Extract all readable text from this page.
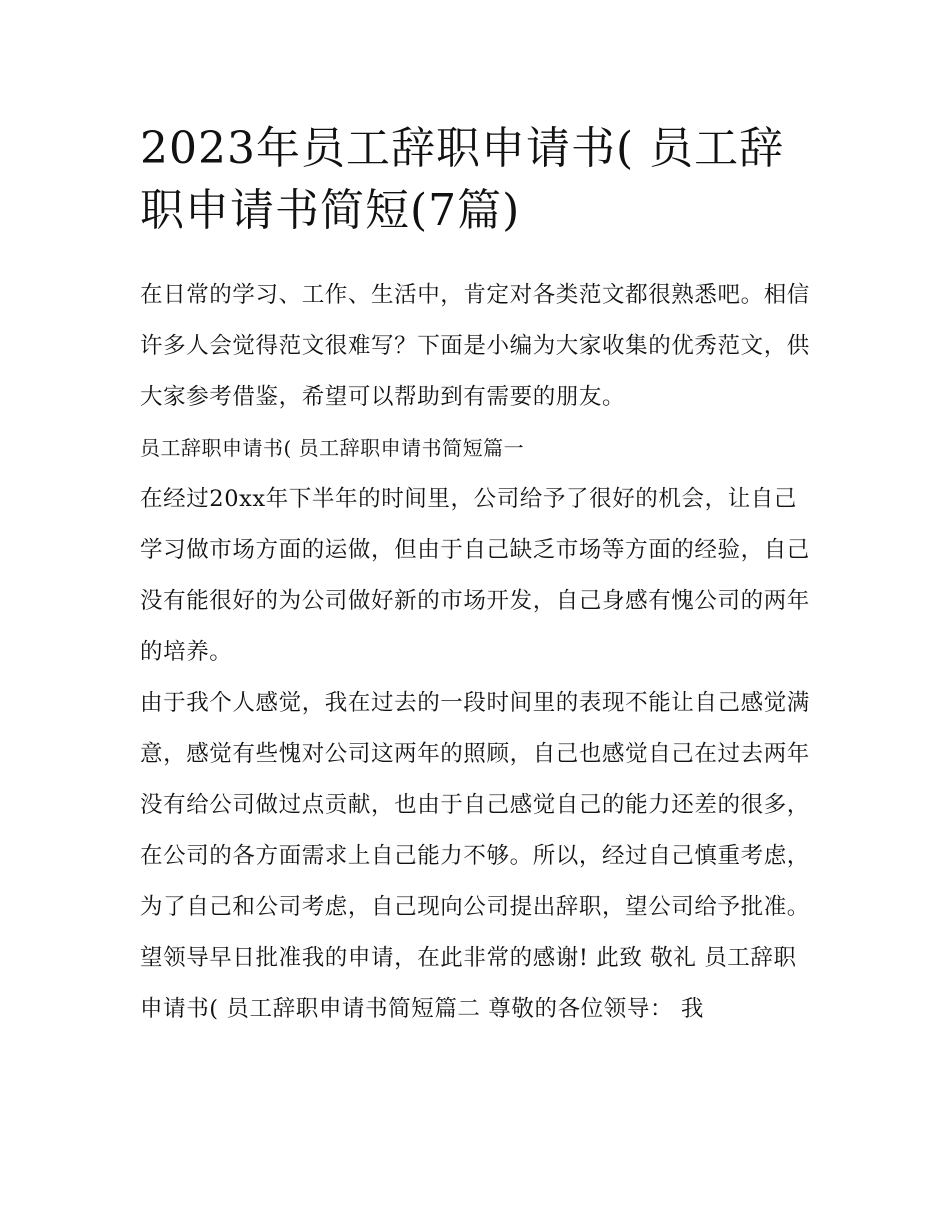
2023年员工辞职申请书( 员工辞职申请书简短(7篇)

在日常的学习、工作、生活中，肯定对各类范文都很熟悉吧。相信许多人会觉得范文很难写？下面是小编为大家收集的优秀范文，供大家参考借鉴，希望可以帮助到有需要的朋友。

员工辞职申请书( 员工辞职申请书简短篇一

在经过20xx年下半年的时间里，公司给予了很好的机会，让自己学习做市场方面的运做，但由于自己缺乏市场等方面的经验，自己没有能很好的为公司做好新的市场开发，自己身感有愧公司的两年的培养。

由于我个人感觉，我在过去的一段时间里的表现不能让自己感觉满意，感觉有些愧对公司这两年的照顾，自己也感觉自己在过去两年没有给公司做过点贡献，也由于自己感觉自己的能力还差的很多，在公司的各方面需求上自己能力不够。所以，经过自己慎重考虑，为了自己和公司考虑，自己现向公司提出辞职，望公司给予批准。

望领导早日批准我的申请，在此非常的感谢! 此致 敬礼 员工辞职申请书( 员工辞职申请书简短篇二 尊敬的各位领导： 我
